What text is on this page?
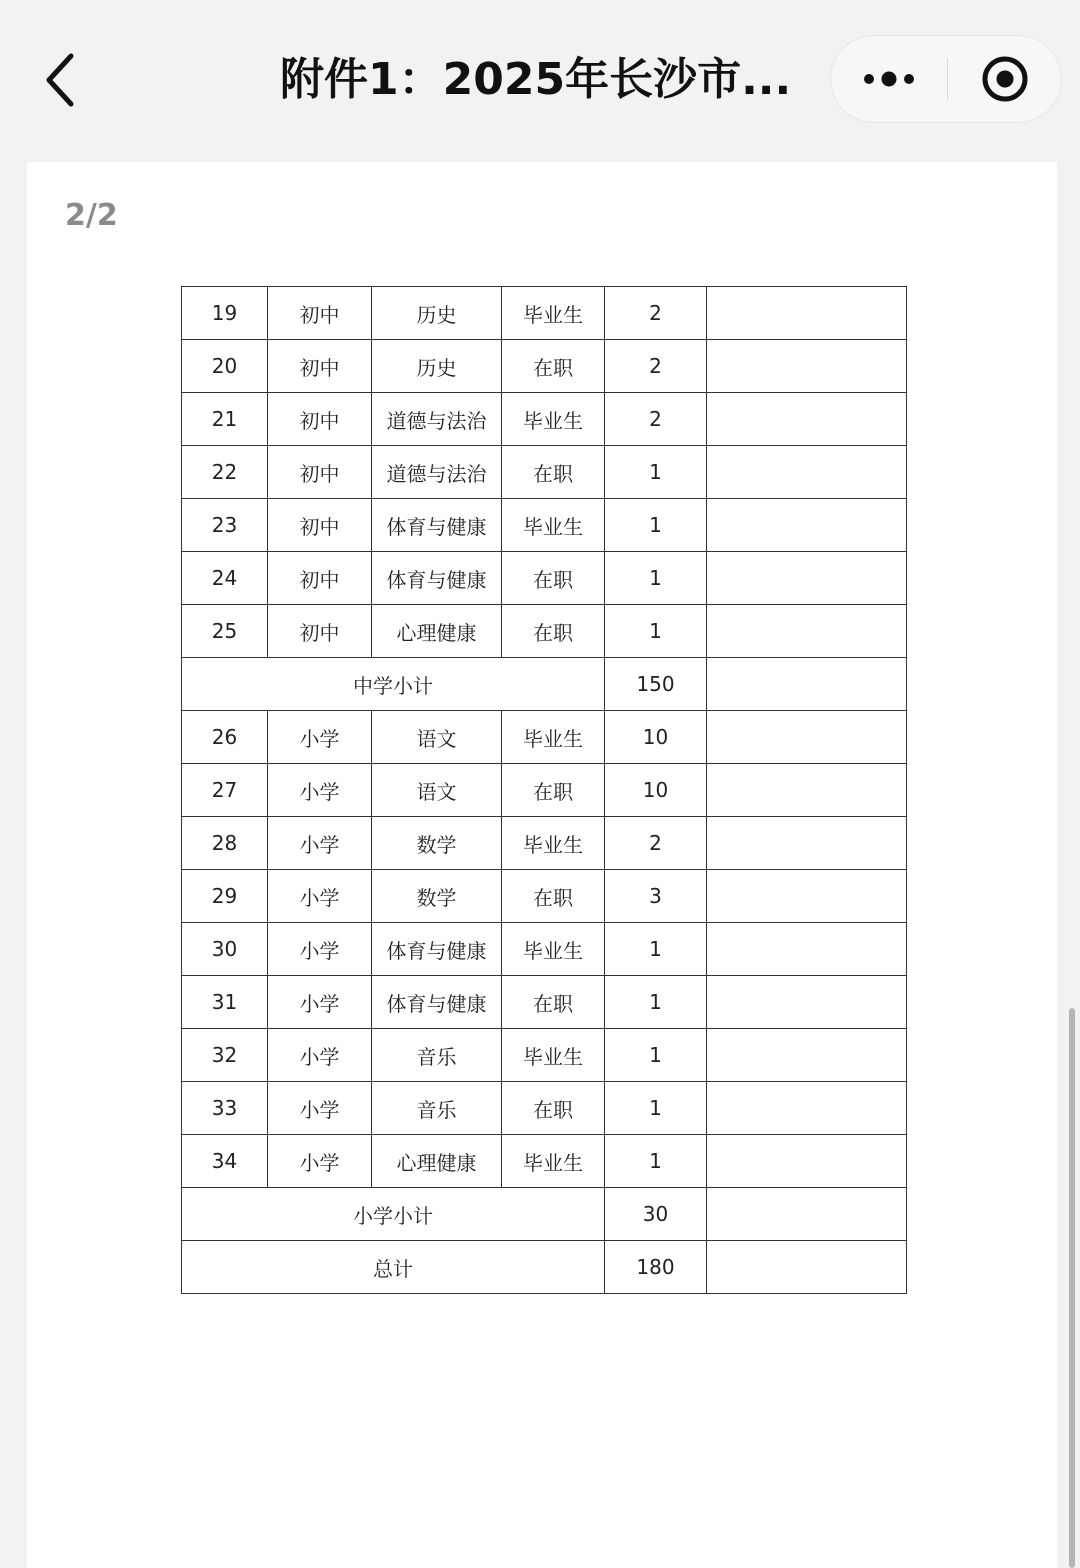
附件1：2025年长沙市...
2/2
19	初中	历史	毕业生	2	
20	初中	历史	在职	2	
21	初中	道德与法治	毕业生	2	
22	初中	道德与法治	在职	1	
23	初中	体育与健康	毕业生	1	
24	初中	体育与健康	在职	1	
25	初中	心理健康	在职	1	
中学小计				150	
26	小学	语文	毕业生	10	
27	小学	语文	在职	10	
28	小学	数学	毕业生	2	
29	小学	数学	在职	3	
30	小学	体育与健康	毕业生	1	
31	小学	体育与健康	在职	1	
32	小学	音乐	毕业生	1	
33	小学	音乐	在职	1	
34	小学	心理健康	毕业生	1	
小学小计				30	
总计				180	
